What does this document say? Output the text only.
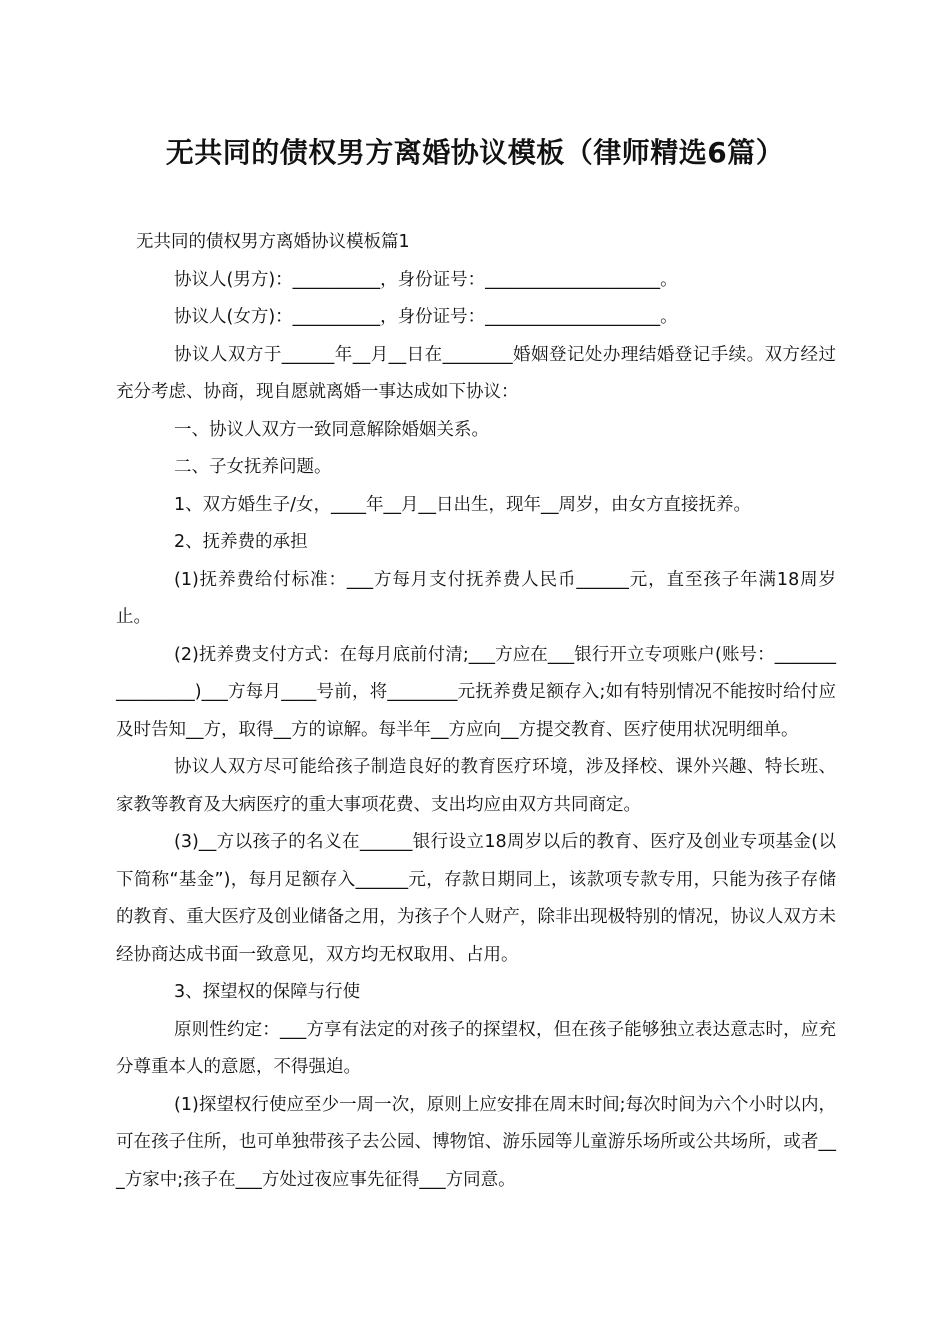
无共同的债权男方离婚协议模板（律师精选6篇）

无共同的债权男方离婚协议模板篇1

协议人(男方)：__________，身份证号：____________________。

协议人(女方)：__________，身份证号：____________________。

协议人双方于______年__月__日在________婚姻登记处办理结婚登记手续。双方经过充分考虑、协商，现自愿就离婚一事达成如下协议：

一、协议人双方一致同意解除婚姻关系。

二、子女抚养问题。

1、双方婚生子/女，____年__月__日出生，现年__周岁，由女方直接抚养。

2、抚养费的承担

(1)抚养费给付标准：___方每月支付抚养费人民币______元，直至孩子年满18周岁止。

(2)抚养费支付方式：在每月底前付清;___方应在___银行开立专项账户(账号：________________)___方每月____号前，将________元抚养费足额存入;如有特别情况不能按时给付应及时告知__方，取得__方的谅解。每半年__方应向__方提交教育、医疗使用状况明细单。

协议人双方尽可能给孩子制造良好的教育医疗环境，涉及择校、课外兴趣、特长班、家教等教育及大病医疗的重大事项花费、支出均应由双方共同商定。

(3)__方以孩子的名义在______银行设立18周岁以后的教育、医疗及创业专项基金(以下简称“基金”)，每月足额存入______元，存款日期同上，该款项专款专用，只能为孩子存储的教育、重大医疗及创业储备之用，为孩子个人财产，除非出现极特别的情况，协议人双方未经协商达成书面一致意见，双方均无权取用、占用。

3、探望权的保障与行使

原则性约定：___方享有法定的对孩子的探望权，但在孩子能够独立表达意志时，应充分尊重本人的意愿，不得强迫。

(1)探望权行使应至少一周一次，原则上应安排在周末时间;每次时间为六个小时以内，可在孩子住所，也可单独带孩子去公园、博物馆、游乐园等儿童游乐场所或公共场所，或者___方家中;孩子在___方处过夜应事先征得___方同意。
